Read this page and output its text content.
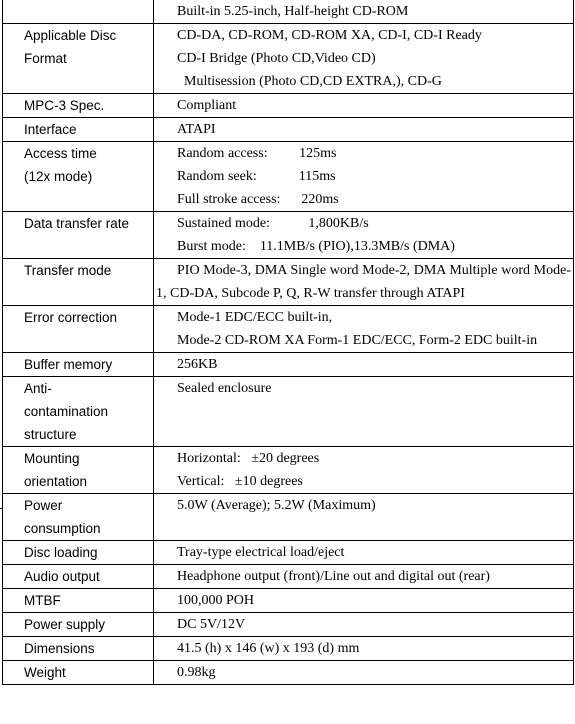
	Built-in 5.25-inch, Half-height CD-ROM

Applicable Disc
Format	CD-DA, CD-ROM, CD-ROM XA, CD-I, CD-I Ready
CD-I Bridge (Photo CD,Video CD)
Multisession (Photo CD,CD EXTRA,), CD-G

MPC-3 Spec.	Compliant

Interface	ATAPI

Access time
(12x mode)	Random access:         125ms
Random seek:            115ms
Full stroke access:      220ms

Data transfer rate	Sustained mode:           1,800KB/s
Burst mode:    11.1MB/s (PIO),13.3MB/s (DMA)

Transfer mode	PIO Mode-3, DMA Single word Mode-2, DMA Multiple word Mode-1, CD-DA, Subcode P, Q, R-W transfer through ATAPI

Error correction	Mode-1 EDC/ECC built-in,
Mode-2 CD-ROM XA Form-1 EDC/ECC, Form-2 EDC built-in

Buffer memory	256KB

Anti-
contamination
structure	Sealed enclosure

Mounting
orientation	Horizontal:   ±20 degrees
Vertical:   ±10 degrees

Power
consumption	5.0W (Average); 5.2W (Maximum)

Disc loading	Tray-type electrical load/eject

Audio output	Headphone output (front)/Line out and digital out (rear)

MTBF	100,000 POH

Power supply	DC 5V/12V

Dimensions	41.5 (h) x 146 (w) x 193 (d) mm

Weight	0.98kg
